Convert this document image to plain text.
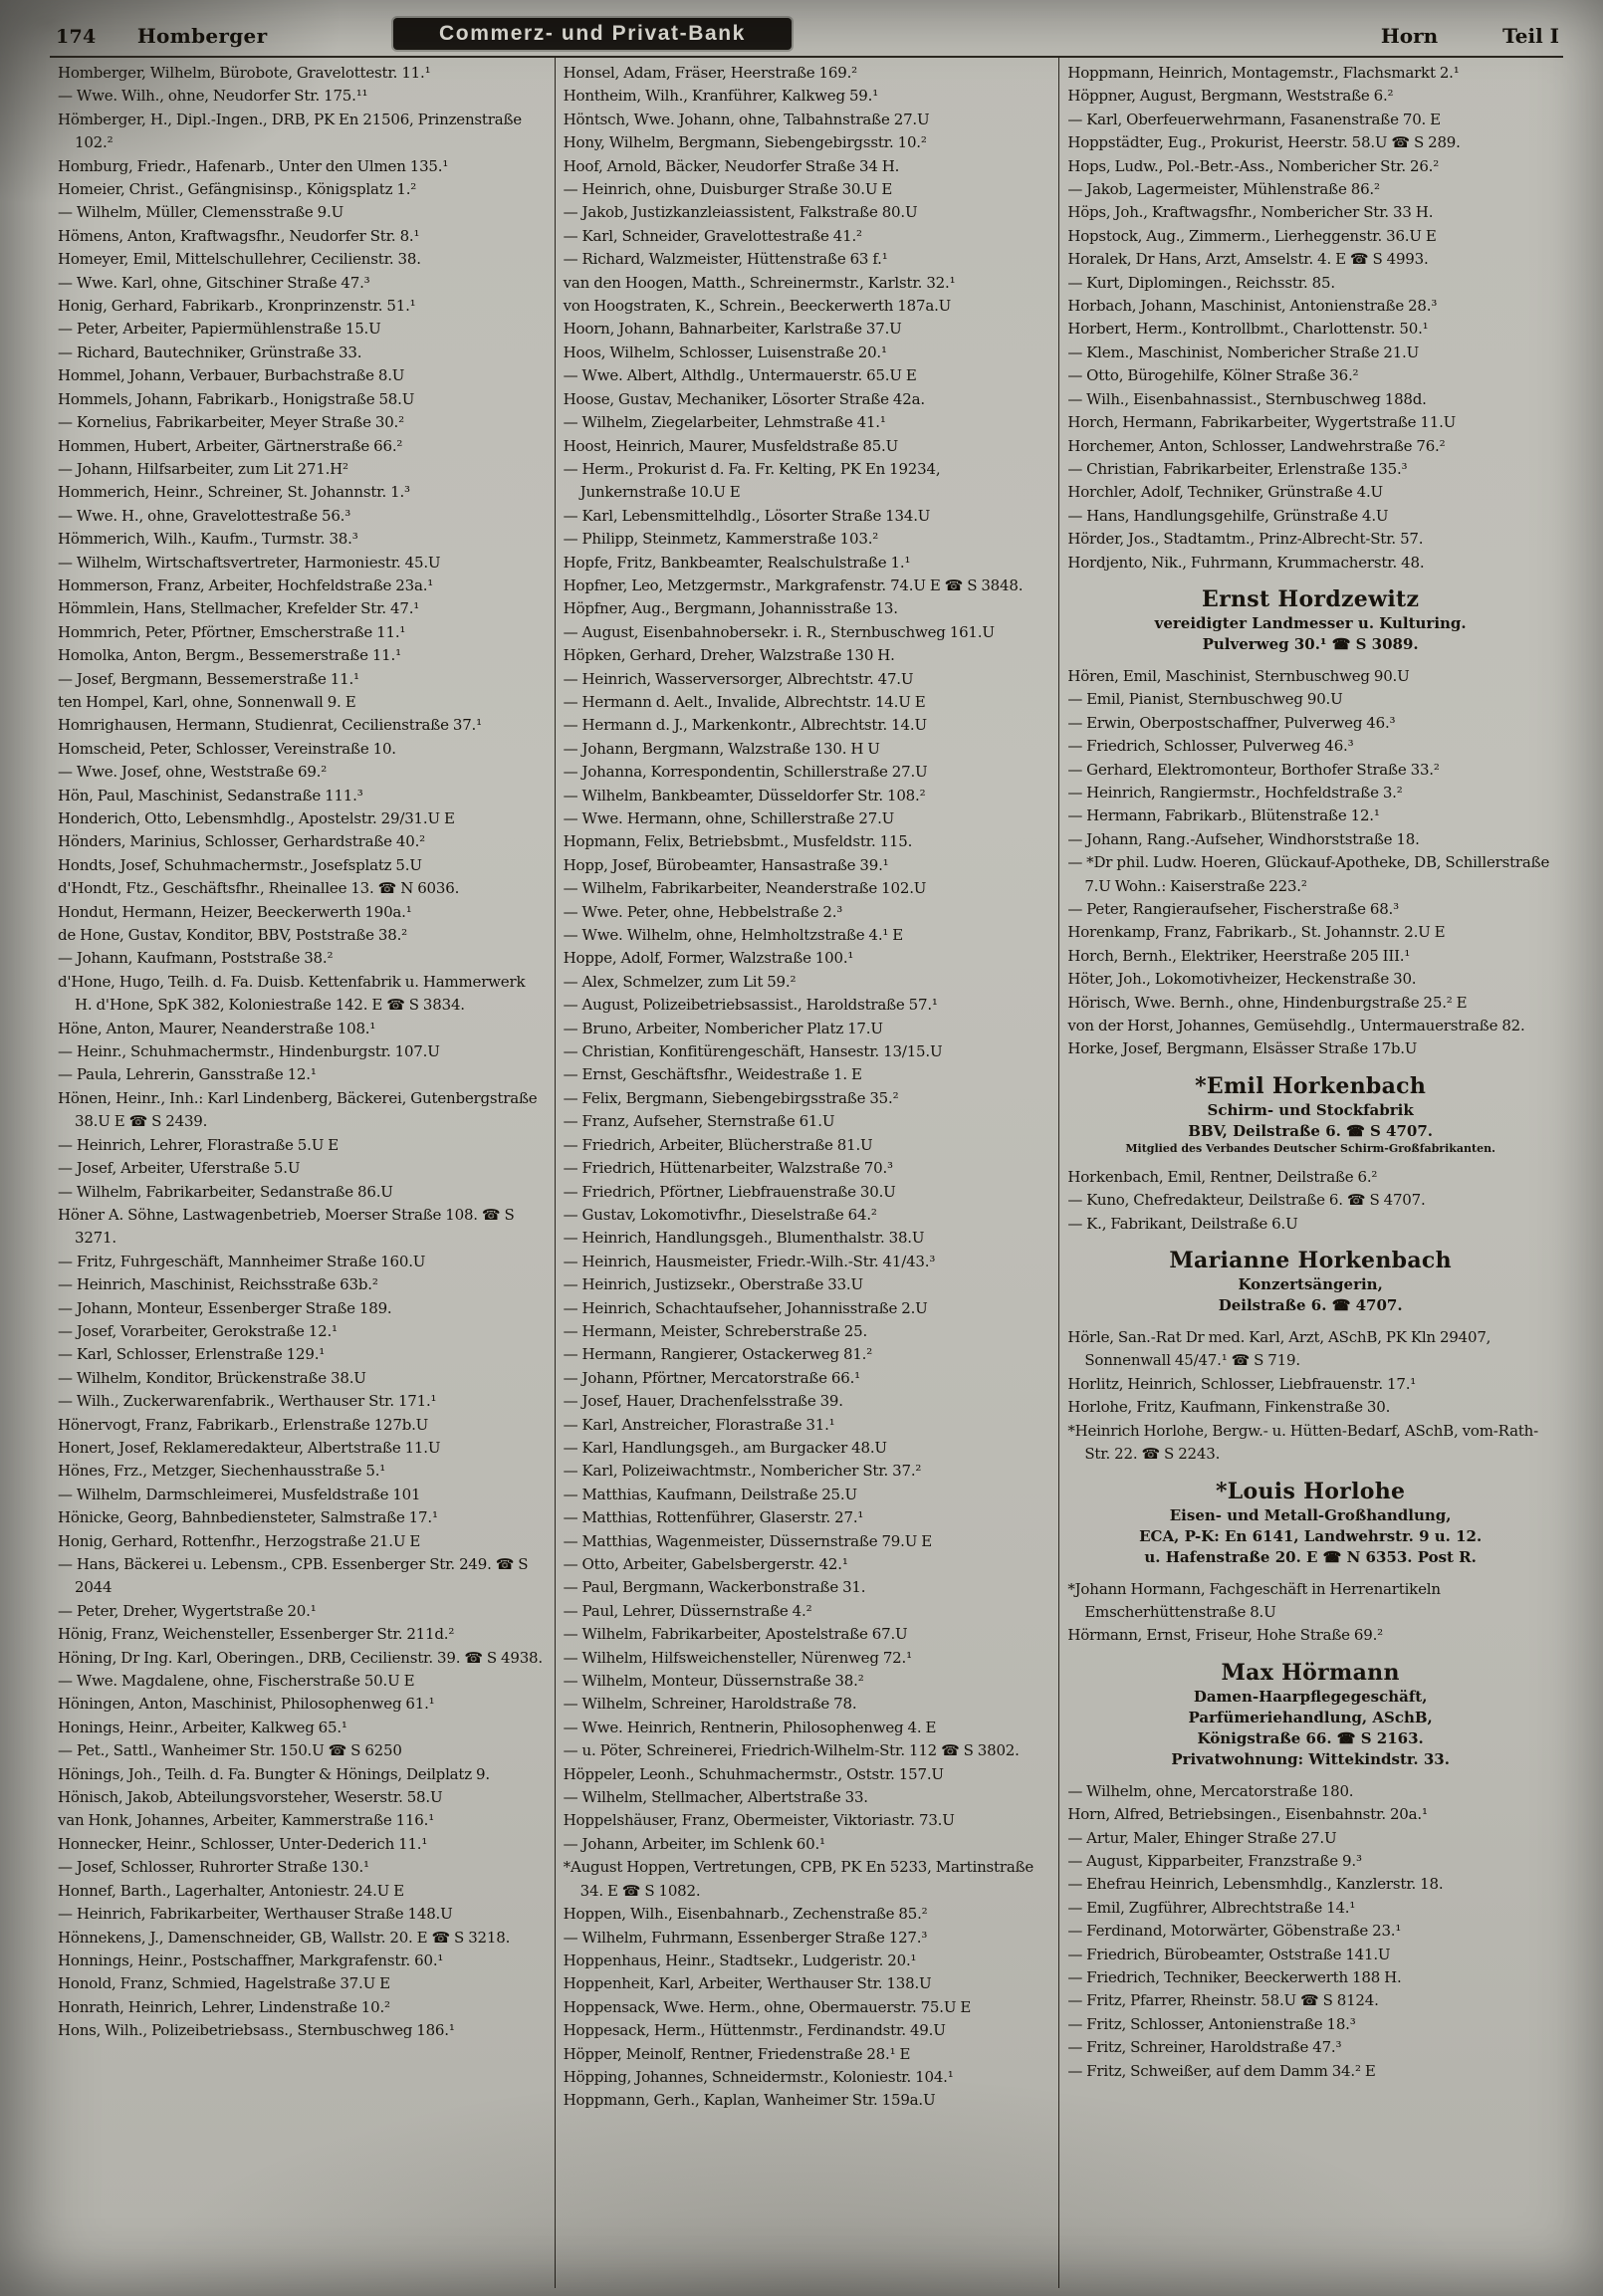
174 Homberger	Commerz- und Privat-Bank	Horn	Teil I

Homberger, Wilhelm, Bürobote, Gravelottestr. 11.¹

— Wwe. Wilh., ohne, Neudorfer Str. 175.¹¹

Hömberger, H., Dipl.-Ingen., DRB, PK En 21506, Prinzenstraße 102.²

Homburg, Friedr., Hafenarb., Unter den Ulmen 135.¹

Homeier, Christ., Gefängnisinsp., Königsplatz 1.²

— Wilhelm, Müller, Clemensstraße 9.U

Hömens, Anton, Kraftwagsfhr., Neudorfer Str. 8.¹

Homeyer, Emil, Mittelschullehrer, Cecilienstr. 38.

— Wwe. Karl, ohne, Gitschiner Straße 47.³

Honig, Gerhard, Fabrikarb., Kronprinzenstr. 51.¹

— Peter, Arbeiter, Papiermühlenstraße 15.U

— Richard, Bautechniker, Grünstraße 33.

Hommel, Johann, Verbauer, Burbachstraße 8.U

Hommels, Johann, Fabrikarb., Honigstraße 58.U

— Kornelius, Fabrikarbeiter, Meyer Straße 30.²

Hommen, Hubert, Arbeiter, Gärtnerstraße 66.²

— Johann, Hilfsarbeiter, zum Lit 271.H²

Hommerich, Heinr., Schreiner, St. Johannstr. 1.³

— Wwe. H., ohne, Gravelottestraße 56.³

Hömmerich, Wilh., Kaufm., Turmstr. 38.³

— Wilhelm, Wirtschaftsvertreter, Harmoniestr. 45.U

Hommerson, Franz, Arbeiter, Hochfeldstraße 23a.¹

Hömmlein, Hans, Stellmacher, Krefelder Str. 47.¹

Hommrich, Peter, Pförtner, Emscherstraße 11.¹

Homolka, Anton, Bergm., Bessemerstraße 11.¹

— Josef, Bergmann, Bessemerstraße 11.¹

ten Hompel, Karl, ohne, Sonnenwall 9. E

Homrighausen, Hermann, Studienrat, Cecilienstraße 37.¹

Homscheid, Peter, Schlosser, Vereinstraße 10.

— Wwe. Josef, ohne, Weststraße 69.²

Hön, Paul, Maschinist, Sedanstraße 111.³

Honderich, Otto, Lebensmhdlg., Apostelstr. 29/31.U E

Hönders, Marinius, Schlosser, Gerhardstraße 40.²

Hondts, Josef, Schuhmachermstr., Josefsplatz 5.U

d'Hondt, Ftz., Geschäftsfhr., Rheinallee 13. ☎ N 6036.

Hondut, Hermann, Heizer, Beeckerwerth 190a.¹

de Hone, Gustav, Konditor, BBV, Poststraße 38.²

— Johann, Kaufmann, Poststraße 38.²

d'Hone, Hugo, Teilh. d. Fa. Duisb. Kettenfabrik u. Hammerwerk H. d'Hone, SpK 382, Koloniestraße 142. E ☎ S 3834.

Höne, Anton, Maurer, Neanderstraße 108.¹

— Heinr., Schuhmachermstr., Hindenburgstr. 107.U

— Paula, Lehrerin, Gansstraße 12.¹

Hönen, Heinr., Inh.: Karl Lindenberg, Bäckerei, Gutenbergstraße 38.U E ☎ S 2439.

— Heinrich, Lehrer, Florastraße 5.U E

— Josef, Arbeiter, Uferstraße 5.U

— Wilhelm, Fabrikarbeiter, Sedanstraße 86.U

Höner A. Söhne, Lastwagenbetrieb, Moerser Straße 108. ☎ S 3271.

— Fritz, Fuhrgeschäft, Mannheimer Straße 160.U

— Heinrich, Maschinist, Reichsstraße 63b.²

— Johann, Monteur, Essenberger Straße 189.

— Josef, Vorarbeiter, Gerokstraße 12.¹

— Karl, Schlosser, Erlenstraße 129.¹

— Wilhelm, Konditor, Brückenstraße 38.U

— Wilh., Zuckerwarenfabrik., Werthauser Str. 171.¹

Hönervogt, Franz, Fabrikarb., Erlenstraße 127b.U

Honert, Josef, Reklameredakteur, Albertstraße 11.U

Hönes, Frz., Metzger, Siechenhausstraße 5.¹

— Wilhelm, Darmschleimerei, Musfeldstraße 101

Hönicke, Georg, Bahnbediensteter, Salmstraße 17.¹

Honig, Gerhard, Rottenfhr., Herzogstraße 21.U E

— Hans, Bäckerei u. Lebensm., CPB. Essenberger Str. 249. ☎ S 2044

— Peter, Dreher, Wygertstraße 20.¹

Hönig, Franz, Weichensteller, Essenberger Str. 211d.²

Höning, Dr Ing. Karl, Oberingen., DRB, Cecilienstr. 39. ☎ S 4938.

— Wwe. Magdalene, ohne, Fischerstraße 50.U E

Höningen, Anton, Maschinist, Philosophenweg 61.¹

Honings, Heinr., Arbeiter, Kalkweg 65.¹

— Pet., Sattl., Wanheimer Str. 150.U ☎ S 6250

Hönings, Joh., Teilh. d. Fa. Bungter & Hönings, Deilplatz 9.

Hönisch, Jakob, Abteilungsvorsteher, Weserstr. 58.U

van Honk, Johannes, Arbeiter, Kammerstraße 116.¹

Honnecker, Heinr., Schlosser, Unter-Dederich 11.¹

— Josef, Schlosser, Ruhrorter Straße 130.¹

Honnef, Barth., Lagerhalter, Antoniestr. 24.U E

— Heinrich, Fabrikarbeiter, Werthauser Straße 148.U

Hönnekens, J., Damenschneider, GB, Wallstr. 20. E ☎ S 3218.

Honnings, Heinr., Postschaffner, Markgrafenstr. 60.¹

Honold, Franz, Schmied, Hagelstraße 37.U E

Honrath, Heinrich, Lehrer, Lindenstraße 10.²

Hons, Wilh., Polizeibetriebsass., Sternbuschweg 186.¹

Honsel, Adam, Fräser, Heerstraße 169.²

Hontheim, Wilh., Kranführer, Kalkweg 59.¹

Höntsch, Wwe. Johann, ohne, Talbahnstraße 27.U

Hony, Wilhelm, Bergmann, Siebengebirgsstr. 10.²

Hoof, Arnold, Bäcker, Neudorfer Straße 34 H.

— Heinrich, ohne, Duisburger Straße 30.U E

— Jakob, Justizkanzleiassistent, Falkstraße 80.U

— Karl, Schneider, Gravelottestraße 41.²

— Richard, Walzmeister, Hüttenstraße 63 f.¹

van den Hoogen, Matth., Schreinermstr., Karlstr. 32.¹

von Hoogstraten, K., Schrein., Beeckerwerth 187a.U

Hoorn, Johann, Bahnarbeiter, Karlstraße 37.U

Hoos, Wilhelm, Schlosser, Luisenstraße 20.¹

— Wwe. Albert, Althdlg., Untermauerstr. 65.U E

Hoose, Gustav, Mechaniker, Lösorter Straße 42a.

— Wilhelm, Ziegelarbeiter, Lehmstraße 41.¹

Hoost, Heinrich, Maurer, Musfeldstraße 85.U

— Herm., Prokurist d. Fa. Fr. Kelting, PK En 19234, Junkernstraße 10.U E

— Karl, Lebensmittelhdlg., Lösorter Straße 134.U

— Philipp, Steinmetz, Kammerstraße 103.²

Hopfe, Fritz, Bankbeamter, Realschulstraße 1.¹

Hopfner, Leo, Metzgermstr., Markgrafenstr. 74.U E ☎ S 3848.

Höpfner, Aug., Bergmann, Johannisstraße 13.

— August, Eisenbahnobersekr. i. R., Sternbuschweg 161.U

Höpken, Gerhard, Dreher, Walzstraße 130 H.

— Heinrich, Wasserversorger, Albrechtstr. 47.U

— Hermann d. Aelt., Invalide, Albrechtstr. 14.U E

— Hermann d. J., Markenkontr., Albrechtstr. 14.U

— Johann, Bergmann, Walzstraße 130. H U

— Johanna, Korrespondentin, Schillerstraße 27.U

— Wilhelm, Bankbeamter, Düsseldorfer Str. 108.²

— Wwe. Hermann, ohne, Schillerstraße 27.U

Hopmann, Felix, Betriebsbmt., Musfeldstr. 115.

Hopp, Josef, Bürobeamter, Hansastraße 39.¹

— Wilhelm, Fabrikarbeiter, Neanderstraße 102.U

— Wwe. Peter, ohne, Hebbelstraße 2.³

— Wwe. Wilhelm, ohne, Helmholtzstraße 4.¹ E

Hoppe, Adolf, Former, Walzstraße 100.¹

— Alex, Schmelzer, zum Lit 59.²

— August, Polizeibetriebsassist., Haroldstraße 57.¹

— Bruno, Arbeiter, Nombericher Platz 17.U

— Christian, Konfitürengeschäft, Hansestr. 13/15.U

— Ernst, Geschäftsfhr., Weidestraße 1. E

— Felix, Bergmann, Siebengebirgsstraße 35.²

— Franz, Aufseher, Sternstraße 61.U

— Friedrich, Arbeiter, Blücherstraße 81.U

— Friedrich, Hüttenarbeiter, Walzstraße 70.³

— Friedrich, Pförtner, Liebfrauenstraße 30.U

— Gustav, Lokomotivfhr., Dieselstraße 64.²

— Heinrich, Handlungsgeh., Blumenthalstr. 38.U

— Heinrich, Hausmeister, Friedr.-Wilh.-Str. 41/43.³

— Heinrich, Justizsekr., Oberstraße 33.U

— Heinrich, Schachtaufseher, Johannisstraße 2.U

— Hermann, Meister, Schreberstraße 25.

— Hermann, Rangierer, Ostackerweg 81.²

— Johann, Pförtner, Mercatorstraße 66.¹

— Josef, Hauer, Drachenfelsstraße 39.

— Karl, Anstreicher, Florastraße 31.¹

— Karl, Handlungsgeh., am Burgacker 48.U

— Karl, Polizeiwachtmstr., Nombericher Str. 37.²

— Matthias, Kaufmann, Deilstraße 25.U

— Matthias, Rottenführer, Glaserstr. 27.¹

— Matthias, Wagenmeister, Düssernstraße 79.U E

— Otto, Arbeiter, Gabelsbergerstr. 42.¹

— Paul, Bergmann, Wackerbonstraße 31.

— Paul, Lehrer, Düssernstraße 4.²

— Wilhelm, Fabrikarbeiter, Apostelstraße 67.U

— Wilhelm, Hilfsweichensteller, Nürenweg 72.¹

— Wilhelm, Monteur, Düssernstraße 38.²

— Wilhelm, Schreiner, Haroldstraße 78.

— Wwe. Heinrich, Rentnerin, Philosophenweg 4. E

— u. Pöter, Schreinerei, Friedrich-Wilhelm-Str. 112 ☎ S 3802.

Höppeler, Leonh., Schuhmachermstr., Oststr. 157.U

— Wilhelm, Stellmacher, Albertstraße 33.

Hoppelshäuser, Franz, Obermeister, Viktoriastr. 73.U

— Johann, Arbeiter, im Schlenk 60.¹

*August Hoppen, Vertretungen, CPB, PK En 5233, Martinstraße 34. E ☎ S 1082.

Hoppen, Wilh., Eisenbahnarb., Zechenstraße 85.²

— Wilhelm, Fuhrmann, Essenberger Straße 127.³

Hoppenhaus, Heinr., Stadtsekr., Ludgeristr. 20.¹

Hoppenheit, Karl, Arbeiter, Werthauser Str. 138.U

Hoppensack, Wwe. Herm., ohne, Obermauerstr. 75.U E

Hoppesack, Herm., Hüttenmstr., Ferdinandstr. 49.U

Höpper, Meinolf, Rentner, Friedenstraße 28.¹ E

Höpping, Johannes, Schneidermstr., Koloniestr. 104.¹

Hoppmann, Gerh., Kaplan, Wanheimer Str. 159a.U

Hoppmann, Heinrich, Montagemstr., Flachsmarkt 2.¹

Höppner, August, Bergmann, Weststraße 6.²

— Karl, Oberfeuerwehrmann, Fasanenstraße 70. E

Hoppstädter, Eug., Prokurist, Heerstr. 58.U ☎ S 289.

Hops, Ludw., Pol.-Betr.-Ass., Nombericher Str. 26.²

— Jakob, Lagermeister, Mühlenstraße 86.²

Höps, Joh., Kraftwagsfhr., Nombericher Str. 33 H.

Hopstock, Aug., Zimmerm., Lierheggenstr. 36.U E

Horalek, Dr Hans, Arzt, Amselstr. 4. E ☎ S 4993.

— Kurt, Diplomingen., Reichsstr. 85.

Horbach, Johann, Maschinist, Antonienstraße 28.³

Horbert, Herm., Kontrollbmt., Charlottenstr. 50.¹

— Klem., Maschinist, Nombericher Straße 21.U

— Otto, Bürogehilfe, Kölner Straße 36.²

— Wilh., Eisenbahnassist., Sternbuschweg 188d.

Horch, Hermann, Fabrikarbeiter, Wygertstraße 11.U

Horchemer, Anton, Schlosser, Landwehrstraße 76.²

— Christian, Fabrikarbeiter, Erlenstraße 135.³

Horchler, Adolf, Techniker, Grünstraße 4.U

— Hans, Handlungsgehilfe, Grünstraße 4.U

Hörder, Jos., Stadtamtm., Prinz-Albrecht-Str. 57.

Hordjento, Nik., Fuhrmann, Krummacherstr. 48.

Ernst Hordzewitz
vereidigter Landmesser u. Kulturing.
Pulverweg 30.¹ ☎ S 3089.

Hören, Emil, Maschinist, Sternbuschweg 90.U

— Emil, Pianist, Sternbuschweg 90.U

— Erwin, Oberpostschaffner, Pulverweg 46.³

— Friedrich, Schlosser, Pulverweg 46.³

— Gerhard, Elektromonteur, Borthofer Straße 33.²

— Heinrich, Rangiermstr., Hochfeldstraße 3.²

— Hermann, Fabrikarb., Blütenstraße 12.¹

— Johann, Rang.-Aufseher, Windhorststraße 18.

— *Dr phil. Ludw. Hoeren, Glückauf-Apotheke, DB, Schillerstraße 7.U Wohn.: Kaiserstraße 223.²

— Peter, Rangieraufseher, Fischerstraße 68.³

Horenkamp, Franz, Fabrikarb., St. Johannstr. 2.U E

Horch, Bernh., Elektriker, Heerstraße 205 III.¹

Höter, Joh., Lokomotivheizer, Heckenstraße 30.

Hörisch, Wwe. Bernh., ohne, Hindenburgstraße 25.² E

von der Horst, Johannes, Gemüsehdlg., Untermauerstraße 82.

Horke, Josef, Bergmann, Elsässer Straße 17b.U

*Emil Horkenbach
Schirm- und Stockfabrik
BBV, Deilstraße 6. ☎ S 4707.
Mitglied des Verbandes Deutscher Schirm-Großfabrikanten.

Horkenbach, Emil, Rentner, Deilstraße 6.²

— Kuno, Chefredakteur, Deilstraße 6. ☎ S 4707.

— K., Fabrikant, Deilstraße 6.U

Marianne Horkenbach
Konzertsängerin,
Deilstraße 6. ☎ 4707.

Hörle, San.-Rat Dr med. Karl, Arzt, ASchB, PK Kln 29407, Sonnenwall 45/47.¹ ☎ S 719.

Horlitz, Heinrich, Schlosser, Liebfrauenstr. 17.¹

Horlohe, Fritz, Kaufmann, Finkenstraße 30.

*Heinrich Horlohe, Bergw.- u. Hütten-Bedarf, ASchB, vom-Rath-Str. 22. ☎ S 2243.

*Louis Horlohe
Eisen- und Metall-Großhandlung,
ECA, P-K: En 6141, Landwehrstr. 9 u. 12.
u. Hafenstraße 20. E ☎ N 6353. Post R.

*Johann Hormann, Fachgeschäft in Herrenartikeln Emscherhüttenstraße 8.U

Hörmann, Ernst, Friseur, Hohe Straße 69.²

Max Hörmann
Damen-Haarpflegegeschäft,
Parfümeriehandlung, ASchB,
Königstraße 66. ☎ S 2163.
Privatwohnung: Wittekindstr. 33.

— Wilhelm, ohne, Mercatorstraße 180.

Horn, Alfred, Betriebsingen., Eisenbahnstr. 20a.¹

— Artur, Maler, Ehinger Straße 27.U

— August, Kipparbeiter, Franzstraße 9.³

— Ehefrau Heinrich, Lebensmhdlg., Kanzlerstr. 18.

— Emil, Zugführer, Albrechtstraße 14.¹

— Ferdinand, Motorwärter, Göbenstraße 23.¹

— Friedrich, Bürobeamter, Oststraße 141.U

— Friedrich, Techniker, Beeckerwerth 188 H.

— Fritz, Pfarrer, Rheinstr. 58.U ☎ S 8124.

— Fritz, Schlosser, Antonienstraße 18.³

— Fritz, Schreiner, Haroldstraße 47.³

— Fritz, Schweißer, auf dem Damm 34.² E
